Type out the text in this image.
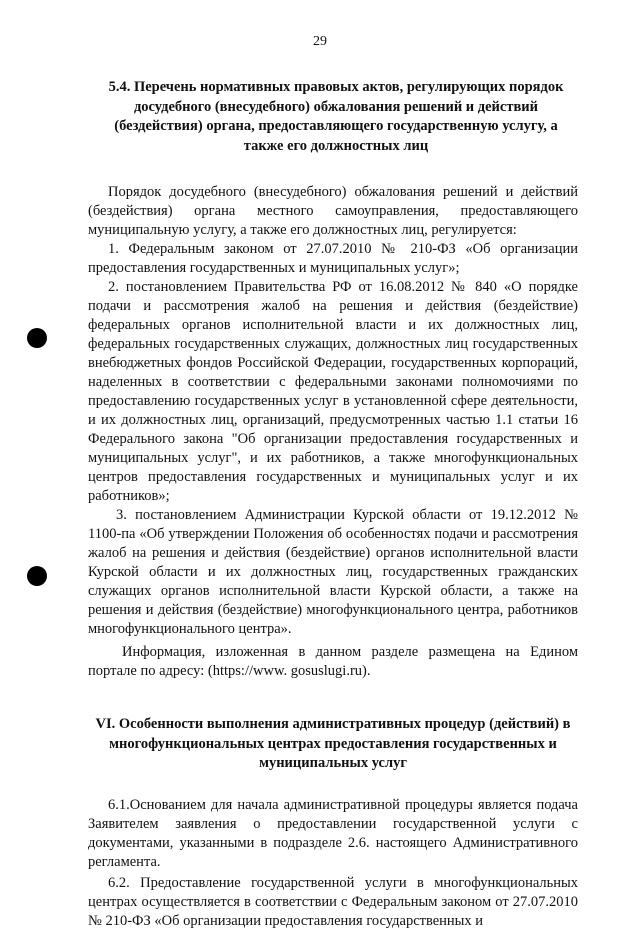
29
5.4. Перечень нормативных правовых актов, регулирующих порядок досудебного (внесудебного) обжалования решений и действий (бездействия) органа, предоставляющего государственную услугу, а также его должностных лиц

Порядок досудебного (внесудебного) обжалования решений и действий (бездействия) органа местного самоуправления, предоставляющего муниципальную услугу, а также его должностных лиц, регулируется:

1. Федеральным законом от 27.07.2010 № 210-ФЗ «Об организации предоставления государственных и муниципальных услуг»;

2. постановлением Правительства РФ от 16.08.2012 № 840 «О порядке подачи и рассмотрения жалоб на решения и действия (бездействие) федеральных органов исполнительной власти и их должностных лиц, федеральных государственных служащих, должностных лиц государственных внебюджетных фондов Российской Федерации, государственных корпораций, наделенных в соответствии с федеральными законами полномочиями по предоставлению государственных услуг в установленной сфере деятельности, и их должностных лиц, организаций, предусмотренных частью 1.1 статьи 16 Федерального закона "Об организации предоставления государственных и муниципальных услуг", и их работников, а также многофункциональных центров предоставления государственных и муниципальных услуг и их работников»;

3. постановлением Администрации Курской области от 19.12.2012 № 1100-па «Об утверждении Положения об особенностях подачи и рассмотрения жалоб на решения и действия (бездействие) органов исполнительной власти Курской области и их должностных лиц, государственных гражданских служащих органов исполнительной власти Курской области, а также на решения и действия (бездействие) многофункционального центра, работников многофункционального центра».

Информация, изложенная в данном разделе размещена на Едином портале по адресу: (https://www. gosuslugi.ru).

VI. Особенности выполнения административных процедур (действий) в многофункциональных центрах предоставления государственных и муниципальных услуг

6.1.Основанием для начала административной процедуры является подача Заявителем заявления о предоставлении государственной услуги с документами, указанными в подразделе 2.6. настоящего Административного регламента.

6.2. Предоставление государственной услуги в многофункциональных центрах осуществляется в соответствии с Федеральным законом от 27.07.2010 № 210-ФЗ «Об организации предоставления государственных и
